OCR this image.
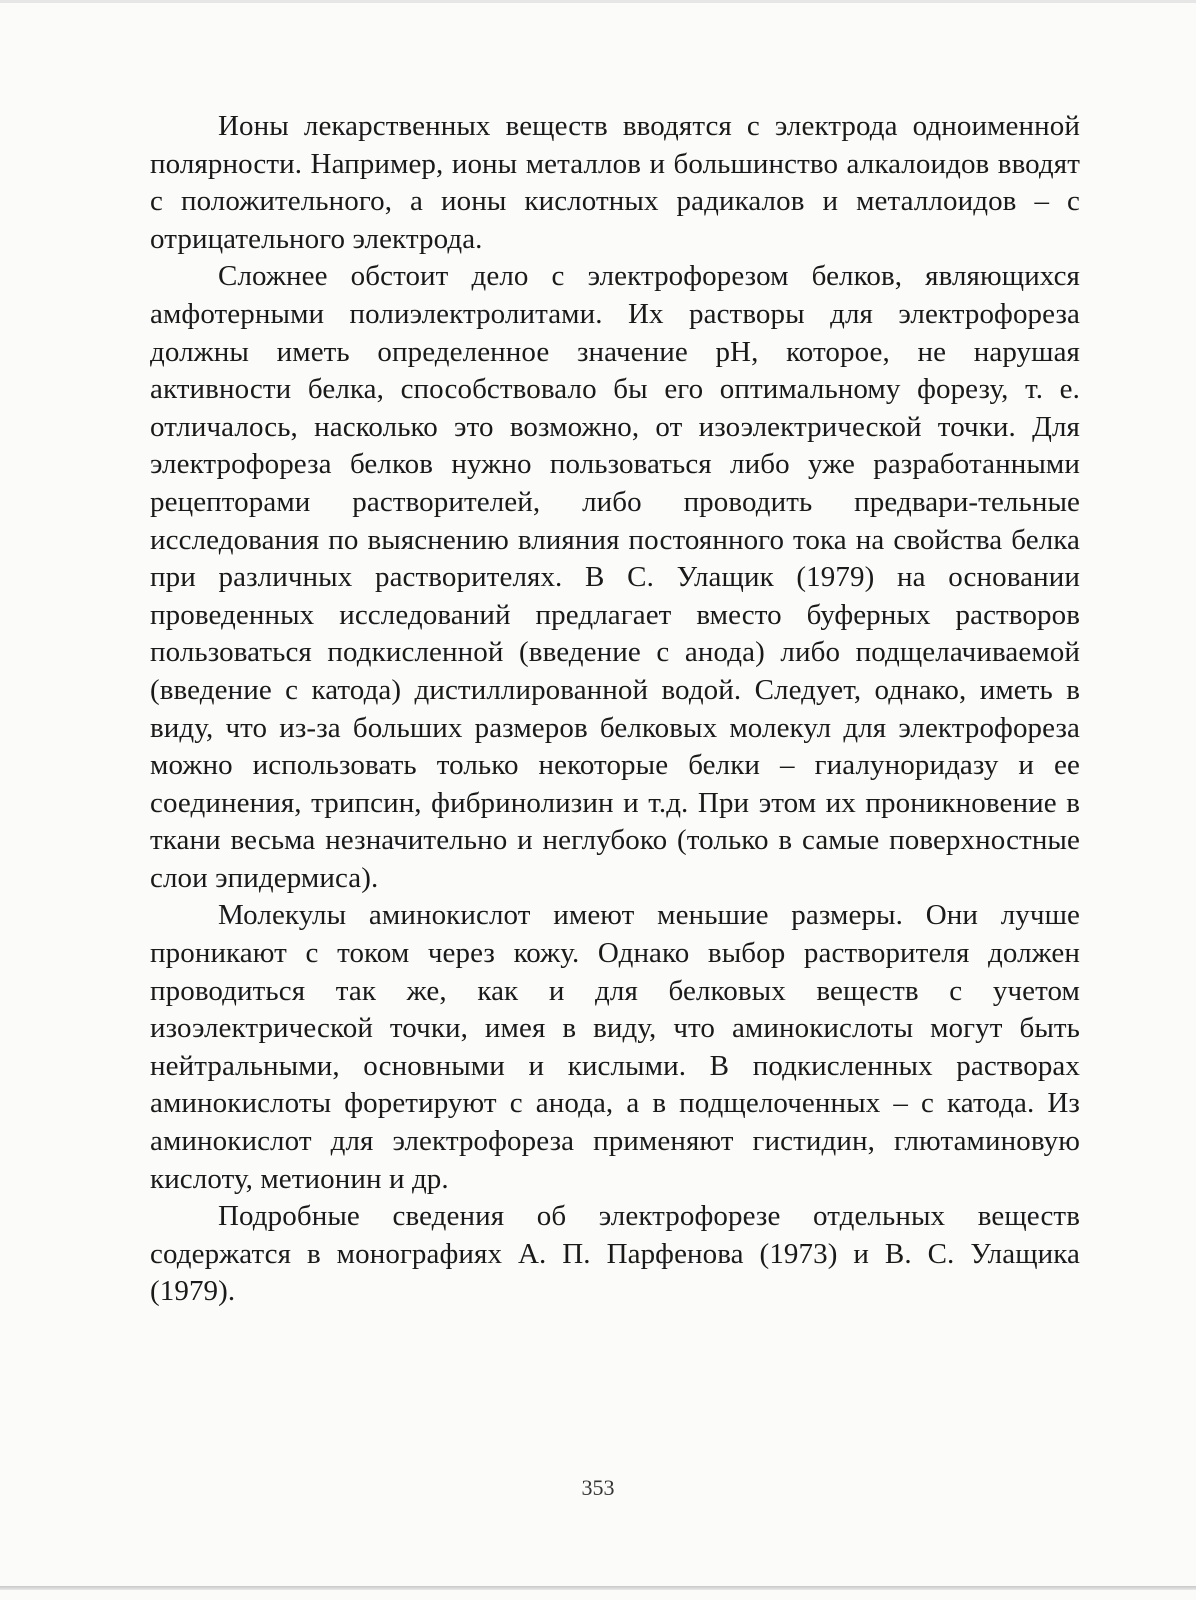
Ионы лекарственных веществ вводятся с электрода одноименной полярности. Например, ионы металлов и большинство алкалоидов вводят с положительного, а ионы кислотных радикалов и металлоидов – с отрицательного электрода.

Сложнее обстоит дело с электрофорезом белков, являющихся амфотерными полиэлектролитами. Их растворы для электрофореза должны иметь определенное значение pH, которое, не нарушая активности белка, способствовало бы его оптимальному форезу, т. е. отличалось, насколько это возможно, от изоэлектрической точки. Для электрофореза белков нужно пользоваться либо уже разработанными рецепторами растворителей, либо проводить предвари-тельные исследования по выяснению влияния постоянного тока на свойства белка при различных растворителях. В С. Улащик (1979) на основании проведенных исследований предлагает вместо буферных растворов пользоваться подкисленной (введение с анода) либо подщелачиваемой (введение с катода) дистиллированной водой. Следует, однако, иметь в виду, что из-за больших размеров белковых молекул для электрофореза можно использовать только некоторые белки – гиалуноридазу и ее соединения, трипсин, фибринолизин и т.д. При этом их проникновение в ткани весьма незначительно и неглубоко (только в самые поверхностные слои эпидермиса).

Молекулы аминокислот имеют меньшие размеры. Они лучше проникают с током через кожу. Однако выбор растворителя должен проводиться так же, как и для белковых веществ с учетом изоэлектрической точки, имея в виду, что аминокислоты могут быть нейтральными, основными и кислыми. В подкисленных растворах аминокислоты форетируют с анода, а в подщелоченных – с катода. Из аминокислот для электрофореза применяют гистидин, глютаминовую кислоту, метионин и др.

Подробные сведения об электрофорезе отдельных веществ содержатся в монографиях А. П. Парфенова (1973) и В. С. Улащика (1979).

353
